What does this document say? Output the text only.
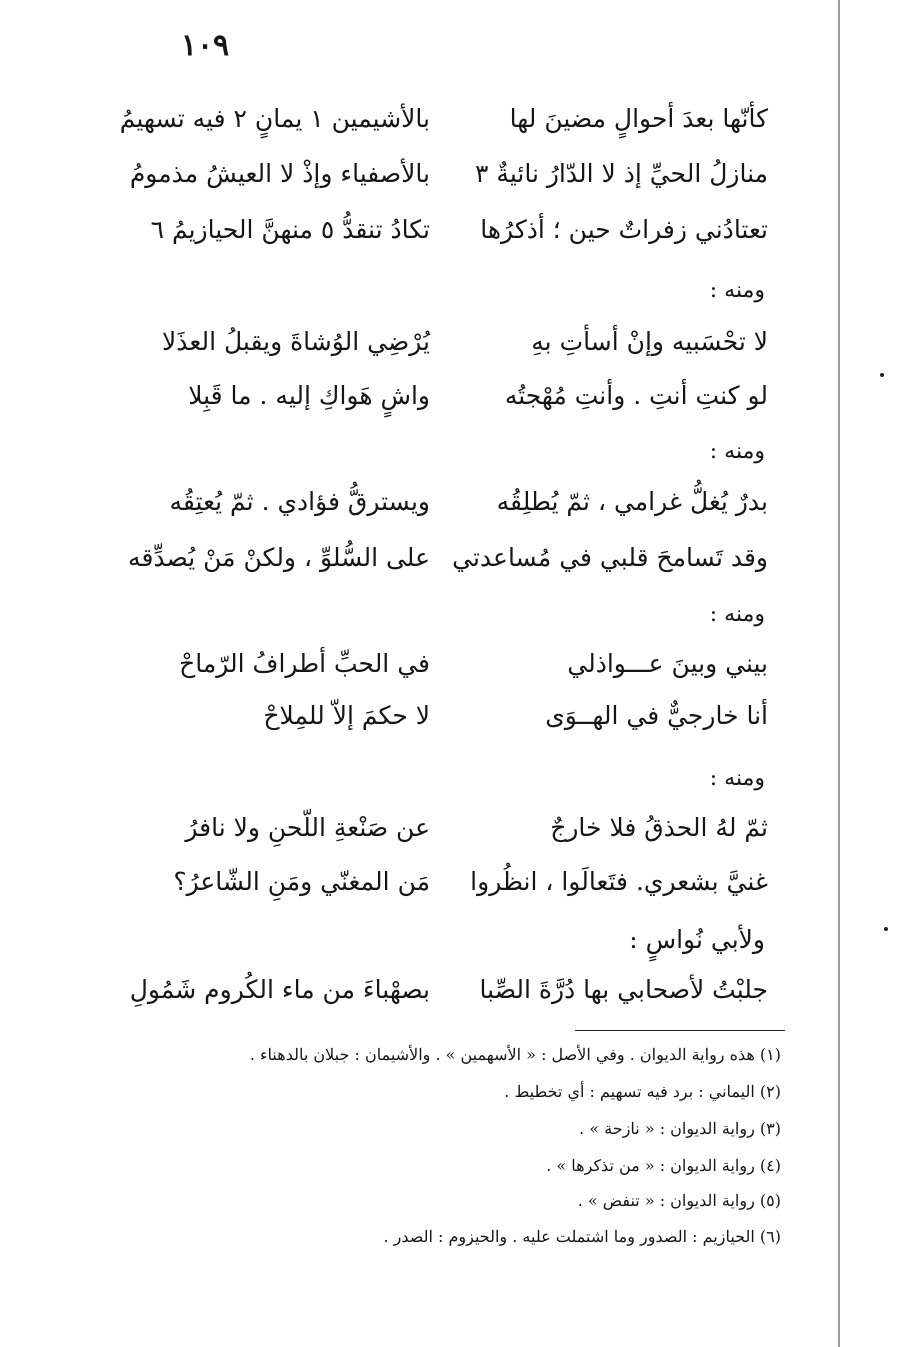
١٠٩
كأنّها بعدَ أحوالٍ مضينَ لها
بالأشيمين ١ يمانٍ ٢ فيه تسهيمُ
منازلُ الحيِّ إذ لا الدّارُ نائيةٌ ٣
بالأصفياء وإذْ لا العيشُ مذمومُ
تعتادُني زفراتٌ حين ؛ أذكرُها
تكادُ تنقدُّ ٥ منهنَّ الحيازيمُ ٦
ومنه :
لا تحْسَبيه وإنْ أسأتِ بهِ
يُرْضِي الوُشاةَ ويقبلُ العذَلا
لو كنتِ أنتِ . وأنتِ مُهْجتُه
واشٍ هَواكِ إليه . ما قَبِلا
ومنه :
بدرٌ يُغلُّ غرامي ، ثمّ يُطلِقُه
ويسترقُّ فؤادي . ثمّ يُعتِقُه
وقد تَسامحَ قلبي في مُساعدتي
على السُّلوِّ ، ولكنْ مَنْ يُصدِّقه
ومنه :
بيني وبينَ عـــواذلي
في الحبِّ أطرافُ الرّماحْ
أنا خارجيٌّ في الهــوَى
لا حكمَ إلاّ للمِلاحْ
ومنه :
ثمّ لهُ الحذقُ فلا خارجٌ
عن صَنْعةِ اللّحنِ ولا نافرُ
غنيَّ بشعري. فتَعالَوا ، انظُروا
مَن المغنّي ومَنِ الشّاعرُ؟
ولأبي نُواسٍ :
جلبْتُ لأصحابي بها دُرَّةَ الصِّبا
بصهْباءَ من ماء الكُروم شَمُولِ
(١) هذه رواية الديوان . وفي الأصل : « الأسهمين » . والأشيمان : جبلان بالدهناء .
(٢) اليماني : برد فيه تسهيم : أي تخطيط .
(٣) رواية الديوان : « نازحة » .
(٤) رواية الديوان : « من تذكرها » .
(٥) رواية الديوان : « تنفض » .
(٦) الحيازيم : الصدور وما اشتملت عليه . والحيزوم : الصدر .
